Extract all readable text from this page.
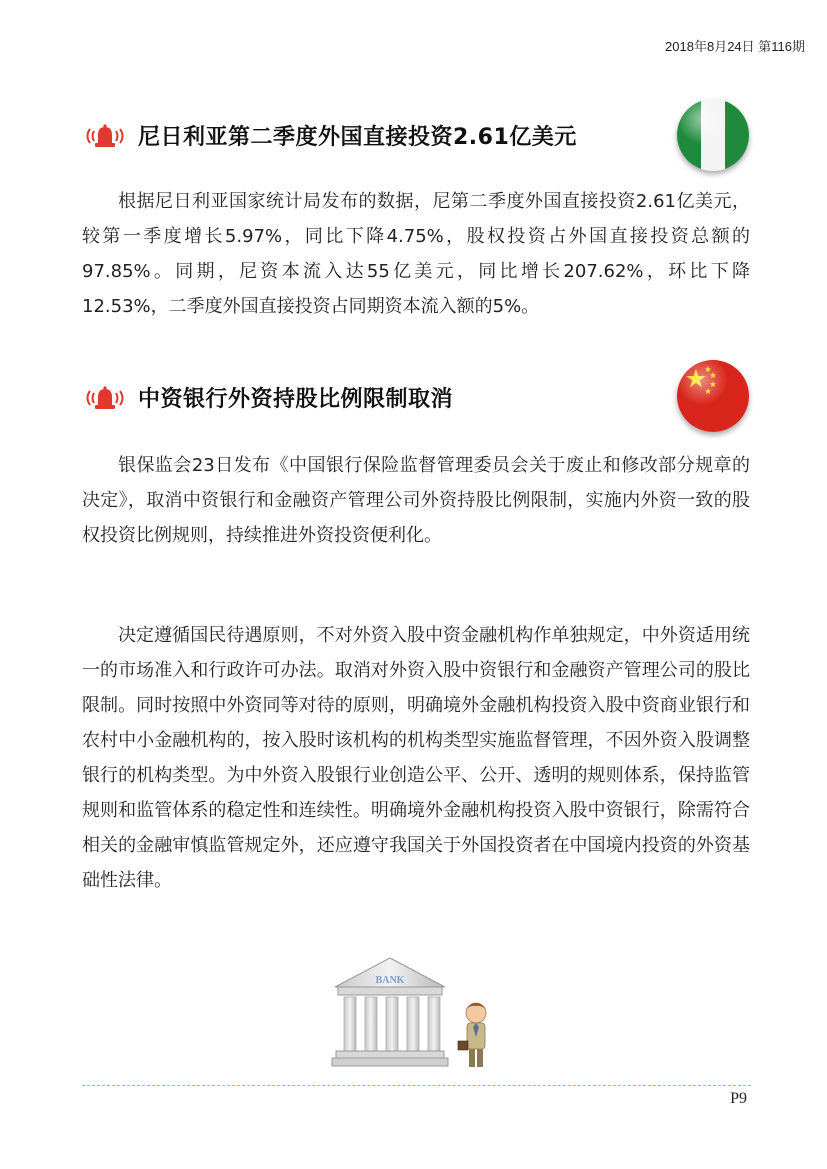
2018年8月24日 第116期
尼日利亚第二季度外国直接投资2.61亿美元
根据尼日利亚国家统计局发布的数据，尼第二季度外国直接投资2.61亿美元，较第一季度增长5.97%，同比下降4.75%，股权投资占外国直接投资总额的97.85%。同期，尼资本流入达55亿美元，同比增长207.62%，环比下降12.53%，二季度外国直接投资占同期资本流入额的5%。
中资银行外资持股比例限制取消
银保监会23日发布《中国银行保险监督管理委员会关于废止和修改部分规章的决定》，取消中资银行和金融资产管理公司外资持股比例限制，实施内外资一致的股权投资比例规则，持续推进外资投资便利化。
决定遵循国民待遇原则，不对外资入股中资金融机构作单独规定，中外资适用统一的市场准入和行政许可办法。取消对外资入股中资银行和金融资产管理公司的股比限制。同时按照中外资同等对待的原则，明确境外金融机构投资入股中资商业银行和农村中小金融机构的，按入股时该机构的机构类型实施监督管理，不因外资入股调整银行的机构类型。为中外资入股银行业创造公平、公开、透明的规则体系，保持监管规则和监管体系的稳定性和连续性。明确境外金融机构投资入股中资银行，除需符合相关的金融审慎监管规定外，还应遵守我国关于外国投资者在中国境内投资的外资基础性法律。
BANK
P9
